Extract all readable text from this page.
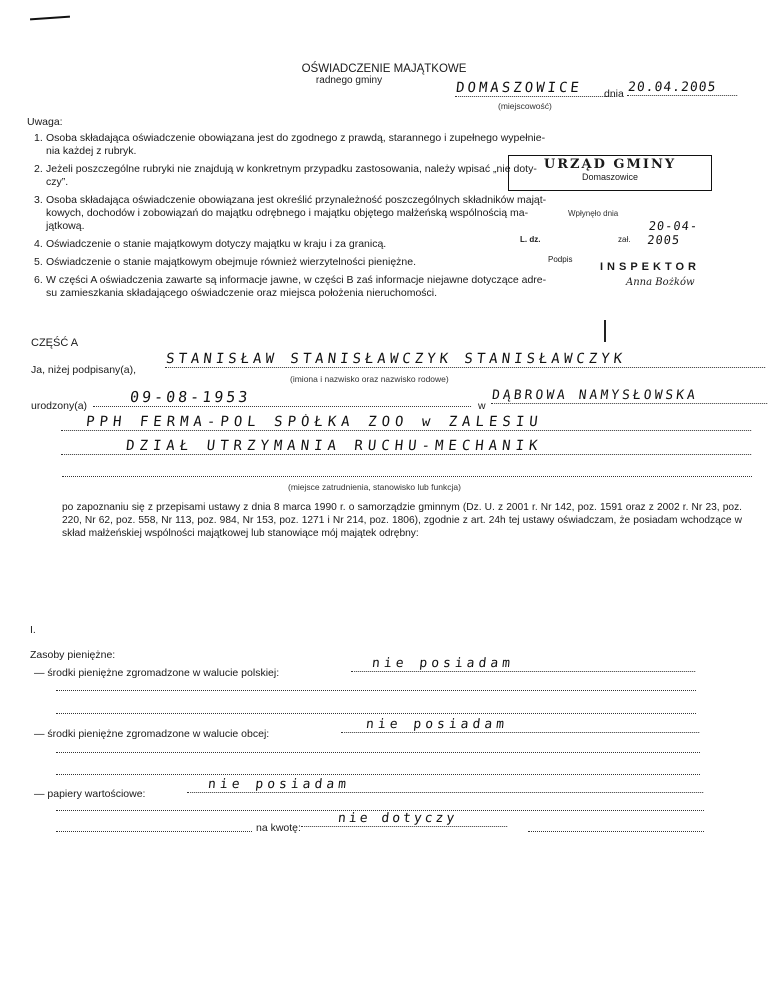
OŚWIADCZENIE MAJĄTKOWE
radnego gminy	DOMASZOWICE	dnia 20.04.2005
(miejscowość)
Uwaga:
1. Osoba składająca oświadczenie obowiązana jest do zgodnego z prawdą, starannego i zupełnego wypełnie-
nia każdej z rubryk.
2. Jeżeli poszczególne rubryki nie znajdują w konkretnym przypadku zastosowania, należy wpisać „nie doty-
czy”.
3. Osoba składająca oświadczenie obowiązana jest określić przynależność poszczególnych składników mająt-
kowych, dochodów i zobowiązań do majątku odrębnego i majątku objętego małżeńską wspólnością ma-
jątkową.
4. Oświadczenie o stanie majątkowym dotyczy majątku w kraju i za granicą.
5. Oświadczenie o stanie majątkowym obejmuje również wierzytelności pieniężne.
6. W części A oświadczenia zawarte są informacje jawne, w części B zaś informacje niejawne dotyczące adre-
su zamieszkania składającego oświadczenie oraz miejsca położenia nieruchomości.
URZĄD GMINY
Domaszowice
Wpłynęło dnia
20-04-2005
L. dz.	zał.
Podpis
INSPEKTOR
Anna Bożków
CZĘŚĆ A
Ja, niżej podpisany(a),
STANISŁAW STANISŁAWCZYK STANISŁAWCZYK
(imiona i nazwisko oraz nazwisko rodowe)
urodzony(a)	09-08-1953	w
DĄBROWA NAMYSŁOWSKA
PPH FERMA-POL SPÓŁKA ZOO w ZALESIU
DZIAŁ UTRZYMANIA RUCHU-MECHANIK
(miejsce zatrudnienia, stanowisko lub funkcja)
po zapoznaniu się z przepisami ustawy z dnia 8 marca 1990 r. o samorządzie gminnym (Dz. U. z 2001 r. Nr 142, poz. 1591 oraz z 2002 r. Nr 23, poz. 220, Nr 62, poz. 558, Nr 113, poz. 984, Nr 153, poz. 1271 i Nr 214, poz. 1806), zgodnie z art. 24h tej ustawy oświadczam, że posiadam wchodzące w skład małżeńskiej wspólności majątkowej lub stanowiące mój majątek odrębny:
I.
Zasoby pieniężne:
— środki pieniężne zgromadzone w walucie polskiej:
nie posiadam
— środki pieniężne zgromadzone w walucie obcej:
nie posiadam
— papiery wartościowe:
nie posiadam
na kwotę:
nie dotyczy
